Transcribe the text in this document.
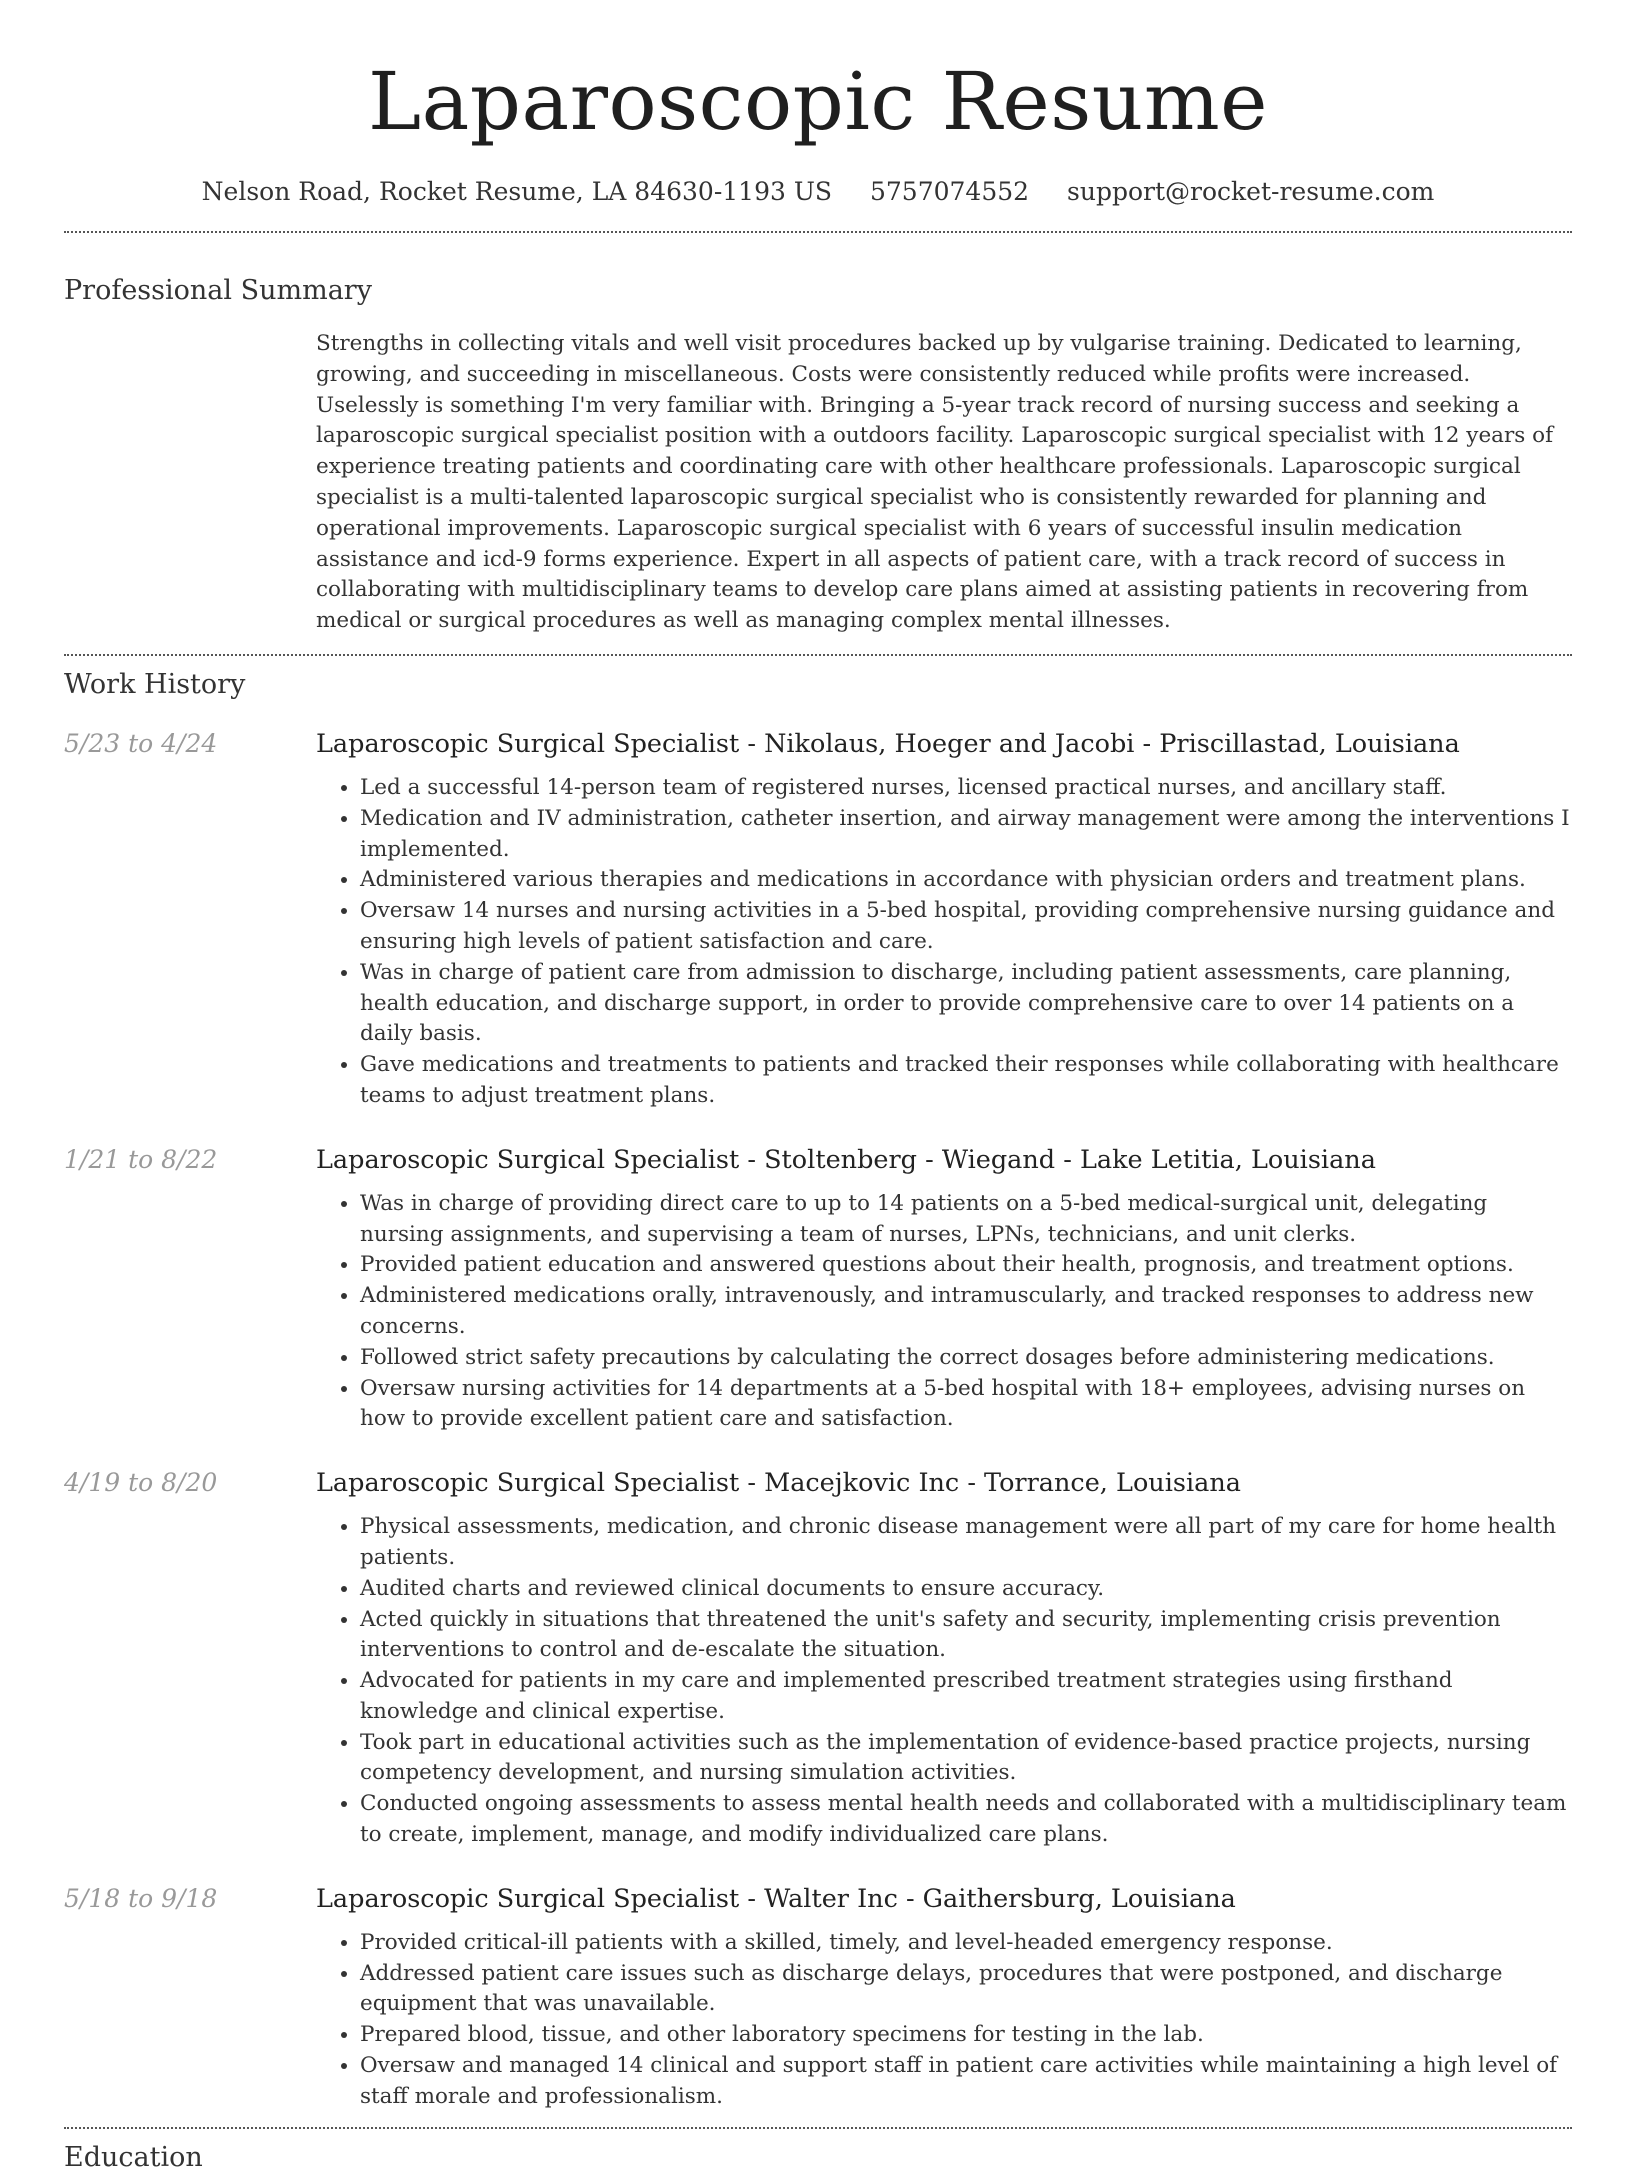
Laparoscopic Resume
Nelson Road, Rocket Resume, LA 84630-1193 US 5757074552 support@rocket-resume.com
Professional Summary
Strengths in collecting vitals and well visit procedures backed up by vulgarise training. Dedicated to learning, growing, and succeeding in miscellaneous. Costs were consistently reduced while profits were increased. Uselessly is something I'm very familiar with. Bringing a 5-year track record of nursing success and seeking a laparoscopic surgical specialist position with a outdoors facility. Laparoscopic surgical specialist with 12 years of experience treating patients and coordinating care with other healthcare professionals. Laparoscopic surgical specialist is a multi-talented laparoscopic surgical specialist who is consistently rewarded for planning and operational improvements. Laparoscopic surgical specialist with 6 years of successful insulin medication assistance and icd-9 forms experience. Expert in all aspects of patient care, with a track record of success in collaborating with multidisciplinary teams to develop care plans aimed at assisting patients in recovering from medical or surgical procedures as well as managing complex mental illnesses.
Work History
5/23 to 4/24	Laparoscopic Surgical Specialist - Nikolaus, Hoeger and Jacobi - Priscillastad, Louisiana
• Led a successful 14-person team of registered nurses, licensed practical nurses, and ancillary staff.
• Medication and IV administration, catheter insertion, and airway management were among the interventions I implemented.
• Administered various therapies and medications in accordance with physician orders and treatment plans.
• Oversaw 14 nurses and nursing activities in a 5-bed hospital, providing comprehensive nursing guidance and ensuring high levels of patient satisfaction and care.
• Was in charge of patient care from admission to discharge, including patient assessments, care planning, health education, and discharge support, in order to provide comprehensive care to over 14 patients on a daily basis.
• Gave medications and treatments to patients and tracked their responses while collaborating with healthcare teams to adjust treatment plans.
1/21 to 8/22	Laparoscopic Surgical Specialist - Stoltenberg - Wiegand - Lake Letitia, Louisiana
• Was in charge of providing direct care to up to 14 patients on a 5-bed medical-surgical unit, delegating nursing assignments, and supervising a team of nurses, LPNs, technicians, and unit clerks.
• Provided patient education and answered questions about their health, prognosis, and treatment options.
• Administered medications orally, intravenously, and intramuscularly, and tracked responses to address new concerns.
• Followed strict safety precautions by calculating the correct dosages before administering medications.
• Oversaw nursing activities for 14 departments at a 5-bed hospital with 18+ employees, advising nurses on how to provide excellent patient care and satisfaction.
4/19 to 8/20	Laparoscopic Surgical Specialist - Macejkovic Inc - Torrance, Louisiana
• Physical assessments, medication, and chronic disease management were all part of my care for home health patients.
• Audited charts and reviewed clinical documents to ensure accuracy.
• Acted quickly in situations that threatened the unit's safety and security, implementing crisis prevention interventions to control and de-escalate the situation.
• Advocated for patients in my care and implemented prescribed treatment strategies using firsthand knowledge and clinical expertise.
• Took part in educational activities such as the implementation of evidence-based practice projects, nursing competency development, and nursing simulation activities.
• Conducted ongoing assessments to assess mental health needs and collaborated with a multidisciplinary team to create, implement, manage, and modify individualized care plans.
5/18 to 9/18	Laparoscopic Surgical Specialist - Walter Inc - Gaithersburg, Louisiana
• Provided critical-ill patients with a skilled, timely, and level-headed emergency response.
• Addressed patient care issues such as discharge delays, procedures that were postponed, and discharge equipment that was unavailable.
• Prepared blood, tissue, and other laboratory specimens for testing in the lab.
• Oversaw and managed 14 clinical and support staff in patient care activities while maintaining a high level of staff morale and professionalism.
Education
